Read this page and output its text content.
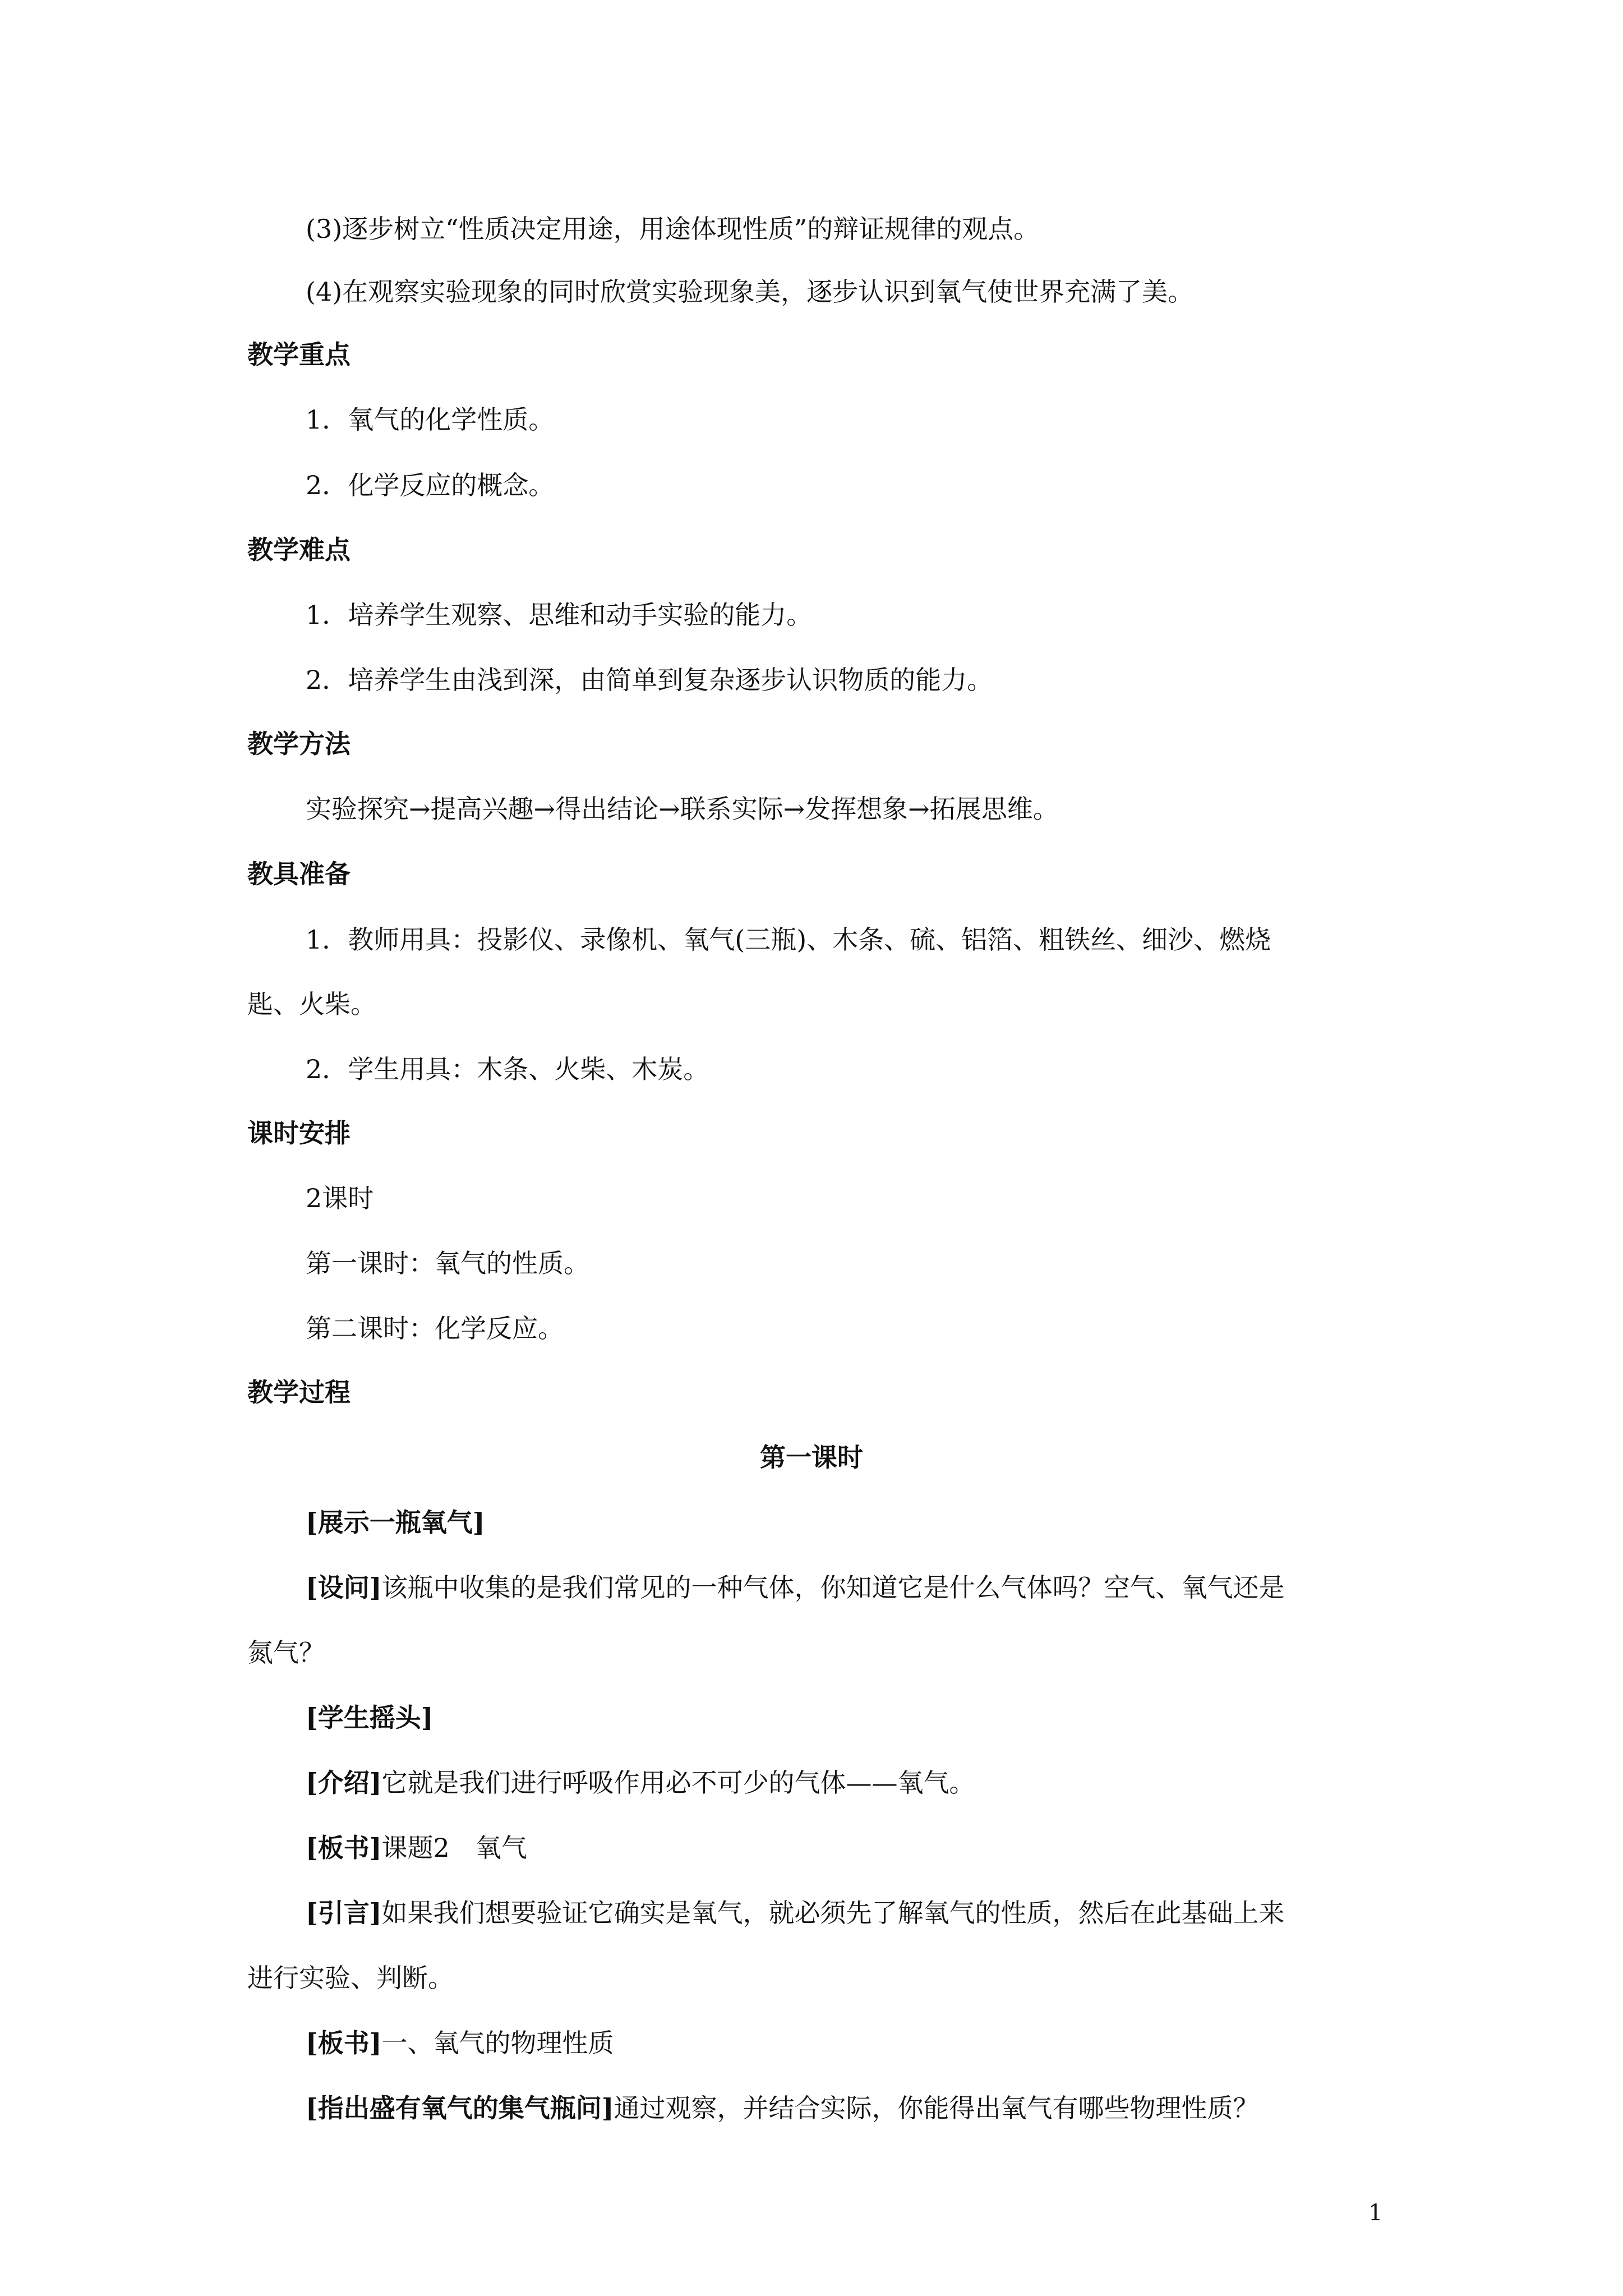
(3)逐步树立“性质决定用途，用途体现性质”的辩证规律的观点。
(4)在观察实验现象的同时欣赏实验现象美，逐步认识到氧气使世界充满了美。
教学重点
1．氧气的化学性质。
2．化学反应的概念。
教学难点
1．培养学生观察、思维和动手实验的能力。
2．培养学生由浅到深，由简单到复杂逐步认识物质的能力。
教学方法
实验探究→提高兴趣→得出结论→联系实际→发挥想象→拓展思维。
教具准备
1．教师用具：投影仪、录像机、氧气(三瓶)、木条、硫、铝箔、粗铁丝、细沙、燃烧
匙、火柴。
2．学生用具：木条、火柴、木炭。
课时安排
2课时
第一课时：氧气的性质。
第二课时：化学反应。
教学过程
第一课时
[展示一瓶氧气]
[设问]该瓶中收集的是我们常见的一种气体，你知道它是什么气体吗？空气、氧气还是
氮气？
[学生摇头]
[介绍]它就是我们进行呼吸作用必不可少的气体——氧气。
[板书]课题2　氧气
[引言]如果我们想要验证它确实是氧气，就必须先了解氧气的性质，然后在此基础上来
进行实验、判断。
[板书]一、氧气的物理性质
[指出盛有氧气的集气瓶问]通过观察，并结合实际，你能得出氧气有哪些物理性质？
1
